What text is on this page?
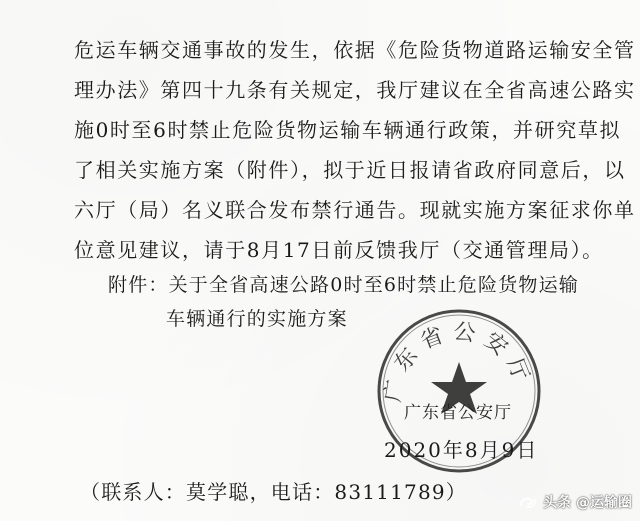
危运车辆交通事故的发生，依据《危险货物道路运输安全管
理办法》第四十九条有关规定，我厅建议在全省高速公路实
施0时至6时禁止危险货物运输车辆通行政策，并研究草拟
了相关实施方案（附件），拟于近日报请省政府同意后，以
六厅（局）名义联合发布禁行通告。现就实施方案征求你单
位意见建议，请于8月17日前反馈我厅（交通管理局）。
附件：关于全省高速公路0时至6时禁止危险货物运输
车辆通行的实施方案
广东省公安厅
广东省公安厅
2020年8月9日
（联系人：莫学聪，电话：83111789）	头条 @运输圈
